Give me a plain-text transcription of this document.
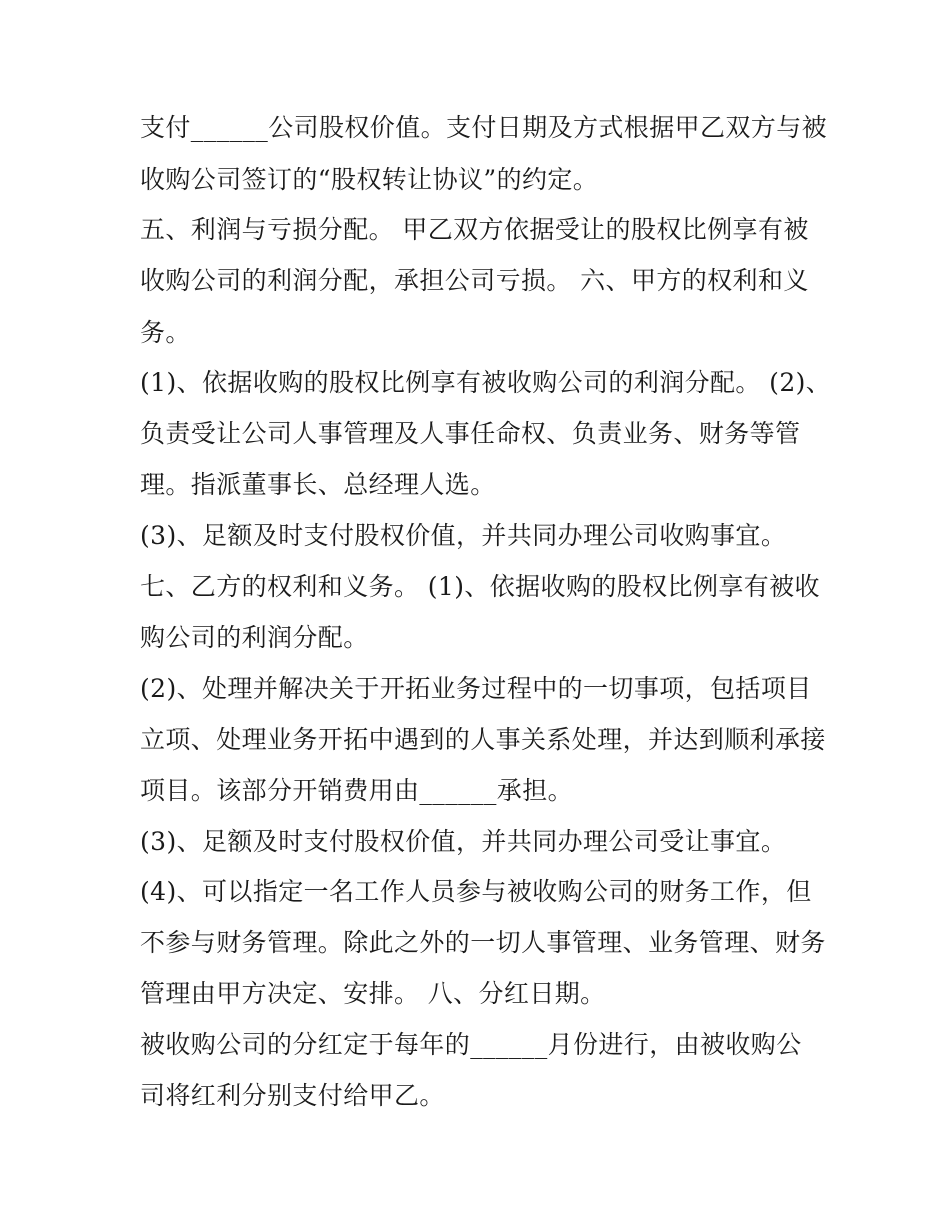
支付______公司股权价值。支付日期及方式根据甲乙双方与被
收购公司签订的“股权转让协议”的约定。
五、利润与亏损分配。 甲乙双方依据受让的股权比例享有被
收购公司的利润分配，承担公司亏损。 六、甲方的权利和义
务。
(1)、依据收购的股权比例享有被收购公司的利润分配。 (2)、
负责受让公司人事管理及人事任命权、负责业务、财务等管
理。指派董事长、总经理人选。
(3)、足额及时支付股权价值，并共同办理公司收购事宜。
七、乙方的权利和义务。 (1)、依据收购的股权比例享有被收
购公司的利润分配。
(2)、处理并解决关于开拓业务过程中的一切事项，包括项目
立项、处理业务开拓中遇到的人事关系处理，并达到顺利承接
项目。该部分开销费用由______承担。
(3)、足额及时支付股权价值，并共同办理公司受让事宜。
(4)、可以指定一名工作人员参与被收购公司的财务工作，但
不参与财务管理。除此之外的一切人事管理、业务管理、财务
管理由甲方决定、安排。 八、分红日期。
被收购公司的分红定于每年的______月份进行，由被收购公
司将红利分别支付给甲乙。
